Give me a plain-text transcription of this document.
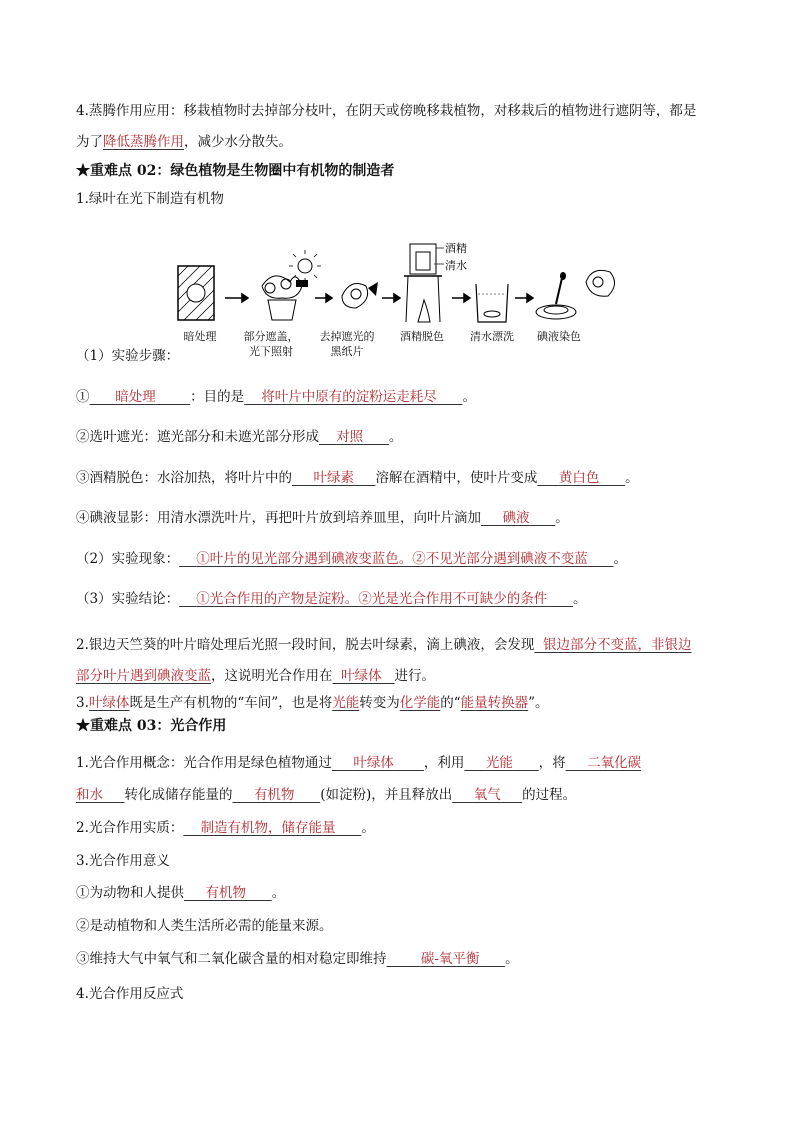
4.蒸腾作用应用：移栽植物时去掉部分枝叶，在阴天或傍晚移栽植物，对移栽后的植物进行遮阴等，都是
为了降低蒸腾作用，减少水分散失。
★重难点 02：绿色植物是生物圈中有机物的制造者
1.绿叶在光下制造有机物
酒精
清水
暗处理	部分遮盖，
光下照射
去掉遮光的
黑纸片
酒精脱色	清水漂洗	碘液染色
（1）实验步骤：
① 暗处理	：目的是 将叶片中原有的淀粉运走耗尽 。
②选叶遮光：遮光部分和未遮光部分形成 对照 。
③酒精脱色：水浴加热，将叶片中的 叶绿素 溶解在酒精中，使叶片变成 黄白色 。
④碘液显影：用清水漂洗叶片，再把叶片放到培养皿里，向叶片滴加 碘液 。
（2）实验现象： ①叶片的见光部分遇到碘液变蓝色。②不见光部分遇到碘液不变蓝 。
（3）实验结论： ①光合作用的产物是淀粉。②光是光合作用不可缺少的条件 。
2.银边天竺葵的叶片暗处理后光照一段时间，脱去叶绿素，滴上碘液，会发现 银边部分不变蓝，非银边
部分叶片遇到碘液变蓝，这说明光合作用在 叶绿体 进行。
3.叶绿体既是生产有机物的“车间”，也是将光能转变为化学能的“能量转换器”。
★重难点 03：光合作用
1.光合作用概念：光合作用是绿色植物通过 叶绿体 ，利用 光能 ，将 二氧化碳
和水 转化成储存能量的 有机物 (如淀粉)，并且释放出 氧气 的过程。
2.光合作用实质： 制造有机物，储存能量 。
3.光合作用意义
①为动物和人提供 有机物 。
②是动植物和人类生活所必需的能量来源。
③维持大气中氧气和二氧化碳含量的相对稳定即维持	碳-氧平衡 。
4.光合作用反应式
